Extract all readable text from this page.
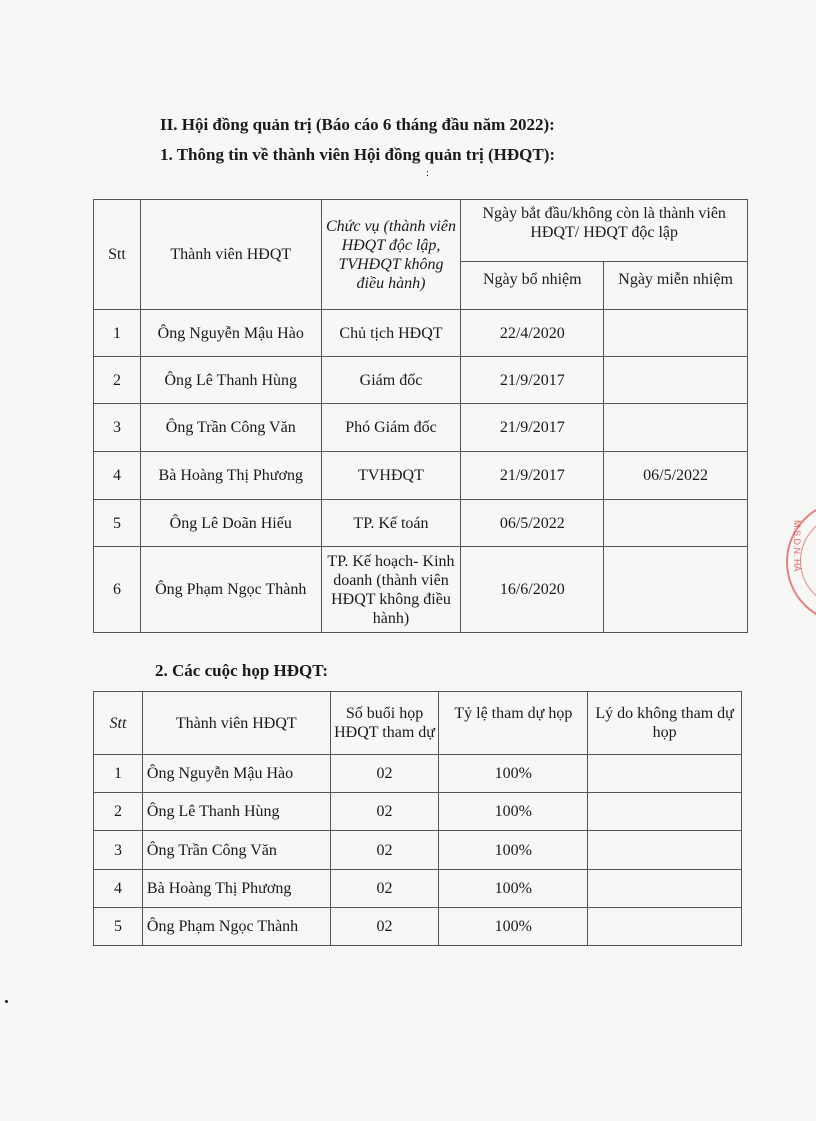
II. Hội đồng quản trị (Báo cáo 6 tháng đầu năm 2022):
1. Thông tin về thành viên Hội đồng quản trị (HĐQT):
:
Stt	Thành viên HĐQT	Chức vụ (thành viên HĐQT độc lập, TVHĐQT không điều hành)	Ngày bắt đầu/không còn là thành viên HĐQT/ HĐQT độc lập	
			Ngày bổ nhiệm	Ngày miễn nhiệm
1	Ông Nguyễn Mậu Hào	Chủ tịch HĐQT	22/4/2020	
2	Ông Lê Thanh Hùng	Giám đốc	21/9/2017	
3	Ông Trần Công Văn	Phó Giám đốc	21/9/2017	
4	Bà Hoàng Thị Phương	TVHĐQT	21/9/2017	06/5/2022
5	Ông Lê Doãn Hiếu	TP. Kế toán	06/5/2022	
6	Ông Phạm Ngọc Thành	TP. Kế hoạch- Kinh doanh (thành viên HĐQT không điều hành)	16/6/2020	
2. Các cuộc họp HĐQT:
Stt	Thành viên HĐQT	Số buổi họp HĐQT tham dự	Tỷ lệ tham dự họp	Lý do không tham dự họp
1	Ông Nguyễn Mậu Hào	02	100%	
2	Ông Lê Thanh Hùng	02	100%	
3	Ông Trần Công Văn	02	100%	
4	Bà Hoàng Thị Phương	02	100%	
5	Ông Phạm Ngọc Thành	02	100%	
M.S.D.N. HÀ
